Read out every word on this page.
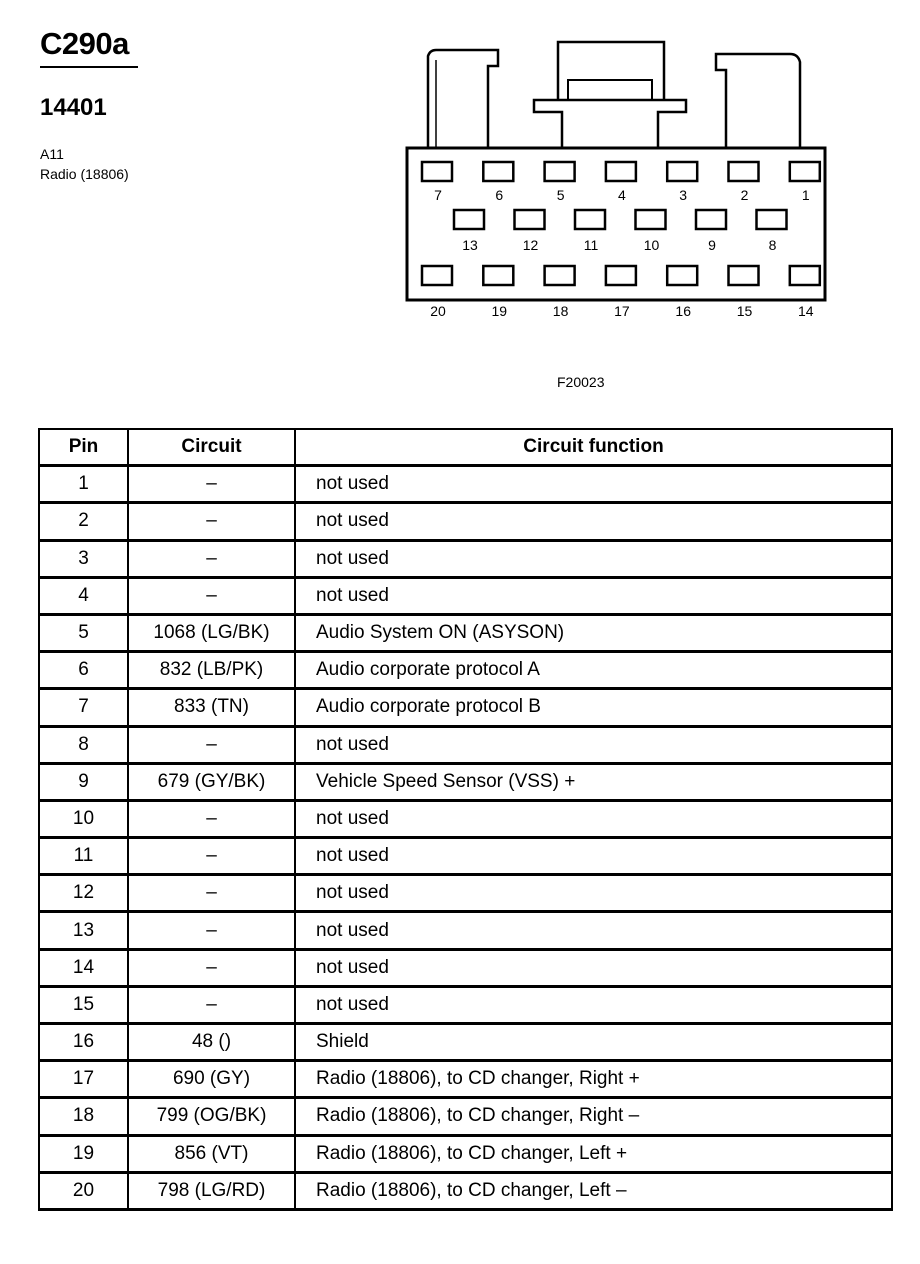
C290a
14401
A11
Radio (18806)
7	6	5	4	3	2	1
13	12	11	10	9	8
20	19	18	17	16	15	14
F20023
Pin	Circuit	Circuit function
1	–	not used
2	–	not used
3	–	not used
4	–	not used
5	1068 (LG/BK)	Audio System ON (ASYSON)
6	832 (LB/PK)	Audio corporate protocol A
7	833 (TN)	Audio corporate protocol B
8	–	not used
9	679 (GY/BK)	Vehicle Speed Sensor (VSS) +
10	–	not used
11	–	not used
12	–	not used
13	–	not used
14	–	not used
15	–	not used
16	48 ()	Shield
17	690 (GY)	Radio (18806), to CD changer, Right +
18	799 (OG/BK)	Radio (18806), to CD changer, Right –
19	856 (VT)	Radio (18806), to CD changer, Left +
20	798 (LG/RD)	Radio (18806), to CD changer, Left –
